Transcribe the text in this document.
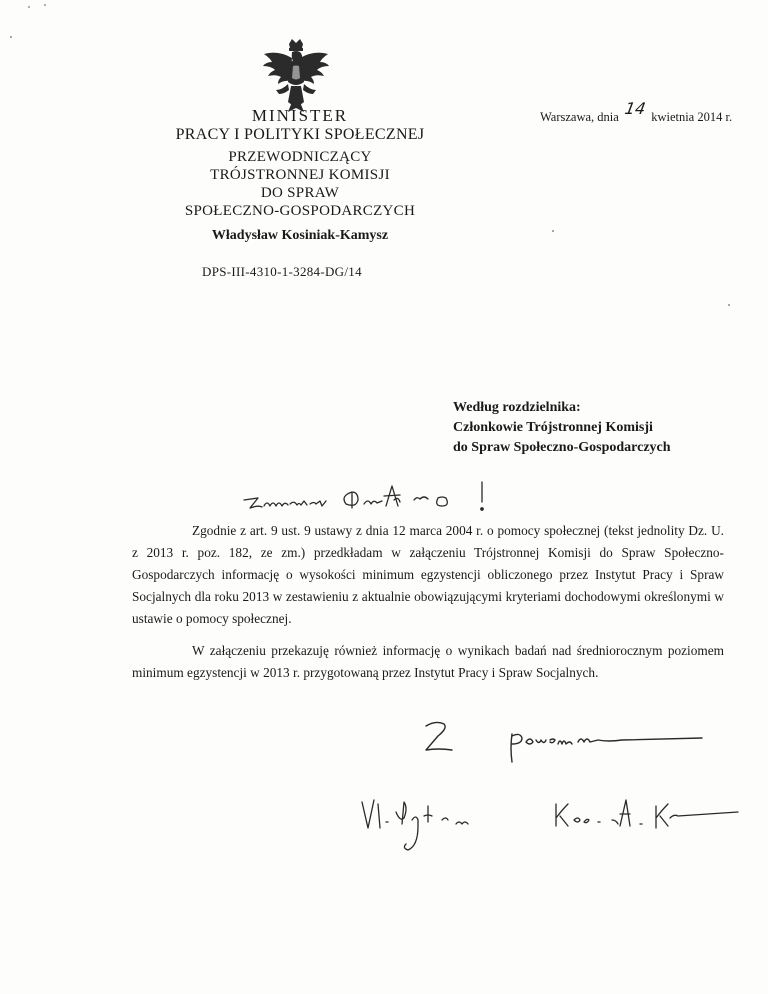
MINISTER
PRACY I POLITYKI SPOŁECZNEJ
PRZEWODNICZĄCY
TRÓJSTRONNEJ KOMISJI
DO SPRAW
SPOŁECZNO-GOSPODARCZYCH
Władysław Kosiniak-Kamysz
Warszawa, dnia 14 kwietnia 2014 r.
DPS-III-4310-1-3284-DG/14
Według rozdzielnika:
Członkowie Trójstronnej Komisji
do Spraw Społeczno-Gospodarczych

Zgodnie z art. 9 ust. 9 ustawy z dnia 12 marca 2004 r. o pomocy społecznej (tekst jednolity Dz. U. z 2013 r. poz. 182, ze zm.) przedkładam w załączeniu Trójstronnej Komisji do Spraw Społeczno-Gospodarczych informację o wysokości minimum egzystencji obliczonego przez Instytut Pracy i Spraw Socjalnych dla roku 2013 w zestawieniu z aktualnie obowiązującymi kryteriami dochodowymi określonymi w ustawie o pomocy społecznej.

W załączeniu przekazuję również informację o wynikach badań nad średniorocznym poziomem minimum egzystencji w 2013 r. przygotowaną przez Instytut Pracy i Spraw Socjalnych.
